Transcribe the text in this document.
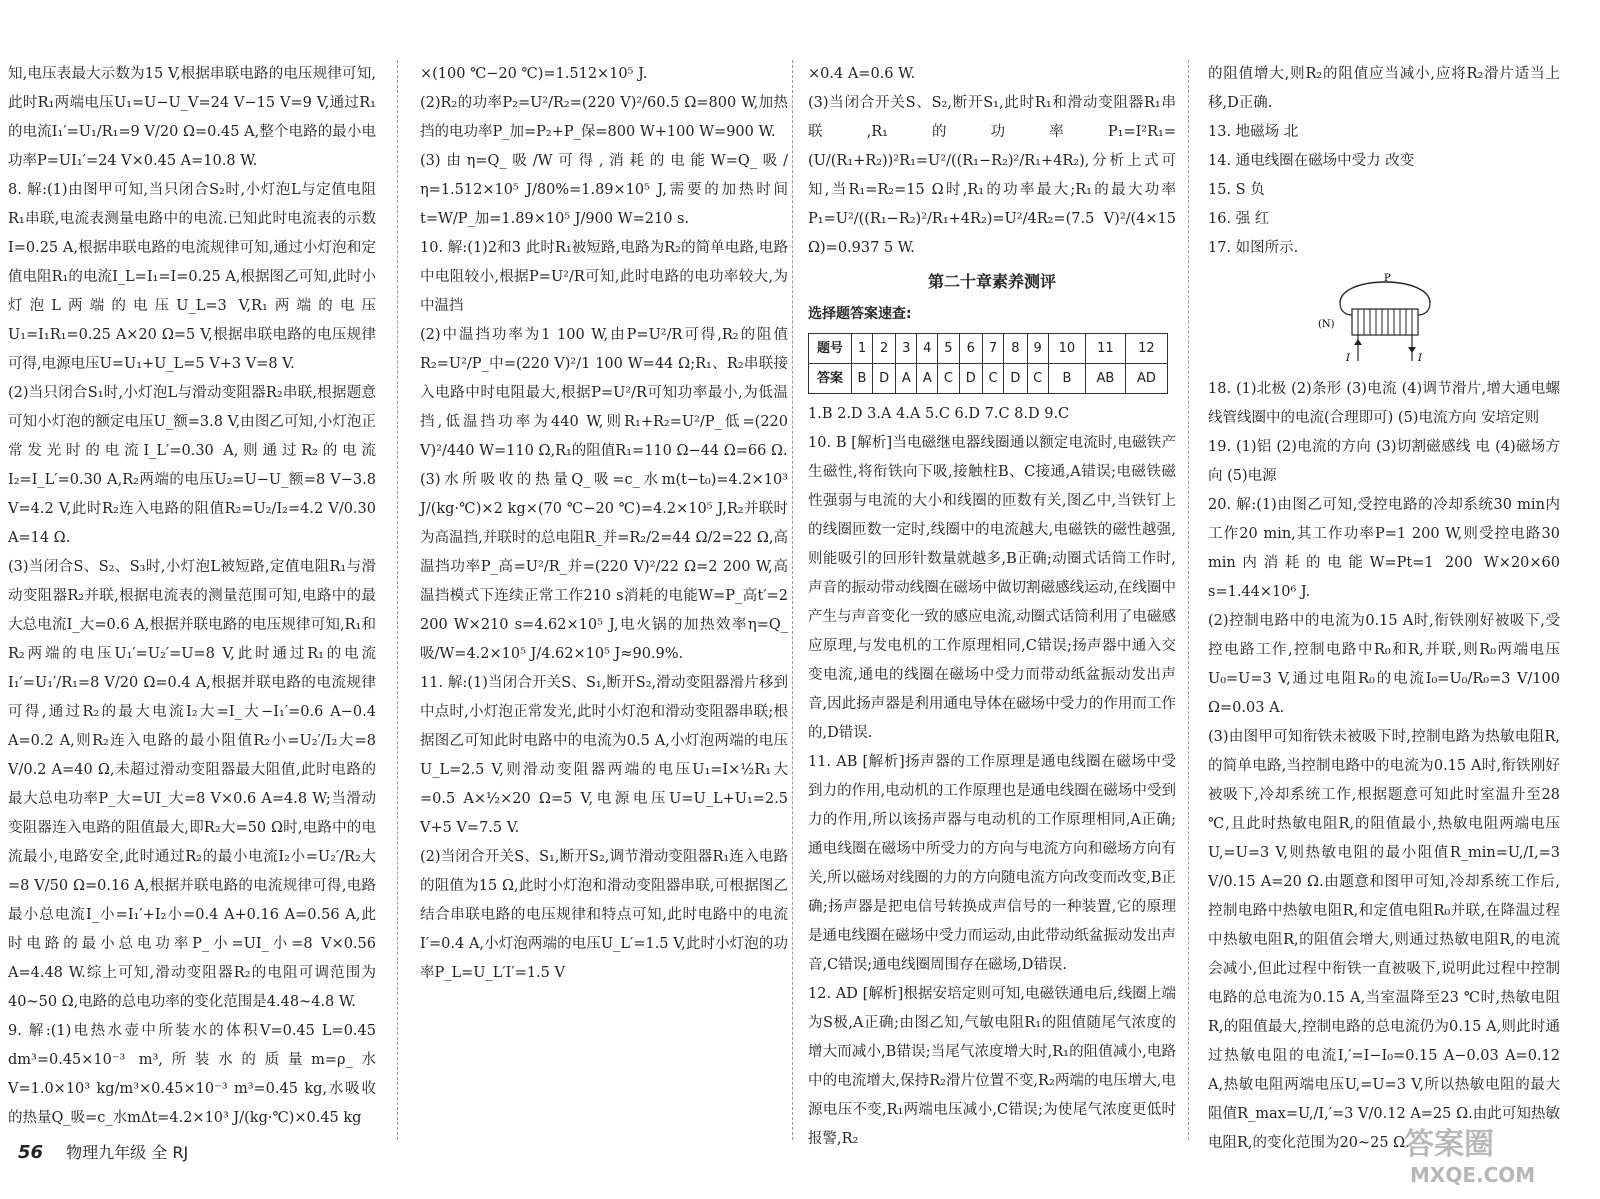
知,电压表最大示数为15 V,根据串联电路的电压规律可知,此时R₁两端电压U₁=U−U_V=24 V−15 V=9 V,通过R₁的电流I₁′=U₁/R₁=9 V/20 Ω=0.45 A,整个电路的最小电功率P=UI₁′=24 V×0.45 A=10.8 W.

8. 解:(1)由图甲可知,当只闭合S₂时,小灯泡L与定值电阻R₁串联,电流表测量电路中的电流.已知此时电流表的示数I=0.25 A,根据串联电路的电流规律可知,通过小灯泡和定值电阻R₁的电流I_L=I₁=I=0.25 A,根据图乙可知,此时小灯泡L两端的电压U_L=3 V,R₁两端的电压U₁=I₁R₁=0.25 A×20 Ω=5 V,根据串联电路的电压规律可得,电源电压U=U₁+U_L=5 V+3 V=8 V.

(2)当只闭合S₁时,小灯泡L与滑动变阻器R₂串联,根据题意可知小灯泡的额定电压U_额=3.8 V,由图乙可知,小灯泡正常发光时的电流I_L′=0.30 A,则通过R₂的电流I₂=I_L′=0.30 A,R₂两端的电压U₂=U−U_额=8 V−3.8 V=4.2 V,此时R₂连入电路的阻值R₂=U₂/I₂=4.2 V/0.30 A=14 Ω.

(3)当闭合S、S₂、S₃时,小灯泡L被短路,定值电阻R₁与滑动变阻器R₂并联,根据电流表的测量范围可知,电路中的最大总电流I_大=0.6 A,根据并联电路的电压规律可知,R₁和R₂两端的电压U₁′=U₂′=U=8 V,此时通过R₁的电流I₁′=U₁′/R₁=8 V/20 Ω=0.4 A,根据并联电路的电流规律可得,通过R₂的最大电流I₂大=I_大−I₁′=0.6 A−0.4 A=0.2 A,则R₂连入电路的最小阻值R₂小=U₂′/I₂大=8 V/0.2 A=40 Ω,未超过滑动变阻器最大阻值,此时电路的最大总电功率P_大=UI_大=8 V×0.6 A=4.8 W;当滑动变阻器连入电路的阻值最大,即R₂大=50 Ω时,电路中的电流最小,电路安全,此时通过R₂的最小电流I₂小=U₂′/R₂大=8 V/50 Ω=0.16 A,根据并联电路的电流规律可得,电路最小总电流I_小=I₁′+I₂小=0.4 A+0.16 A=0.56 A,此时电路的最小总电功率P_小=UI_小=8 V×0.56 A=4.48 W.综上可知,滑动变阻器R₂的电阻可调范围为40~50 Ω,电路的总电功率的变化范围是4.48~4.8 W.

9. 解:(1)电热水壶中所装水的体积V=0.45 L=0.45 dm³=0.45×10⁻³ m³,所装水的质量m=ρ_水V=1.0×10³ kg/m³×0.45×10⁻³ m³=0.45 kg,水吸收的热量Q_吸=c_水mΔt=4.2×10³ J/(kg·℃)×0.45 kg

×(100 ℃−20 ℃)=1.512×10⁵ J.

(2)R₂的功率P₂=U²/R₂=(220 V)²/60.5 Ω=800 W,加热挡的电功率P_加=P₂+P_保=800 W+100 W=900 W.

(3)由η=Q_吸/W可得,消耗的电能W=Q_吸/η=1.512×10⁵ J/80%=1.89×10⁵ J,需要的加热时间t=W/P_加=1.89×10⁵ J/900 W=210 s.

10. 解:(1)2和3 此时R₁被短路,电路为R₂的简单电路,电路中电阻较小,根据P=U²/R可知,此时电路的电功率较大,为中温挡

(2)中温挡功率为1 100 W,由P=U²/R可得,R₂的阻值R₂=U²/P_中=(220 V)²/1 100 W=44 Ω;R₁、R₂串联接入电路中时电阻最大,根据P=U²/R可知功率最小,为低温挡,低温挡功率为440 W,则R₁+R₂=U²/P_低=(220 V)²/440 W=110 Ω,R₁的阻值R₁=110 Ω−44 Ω=66 Ω.

(3)水所吸收的热量Q_吸=c_水m(t−t₀)=4.2×10³ J/(kg·℃)×2 kg×(70 ℃−20 ℃)=4.2×10⁵ J,R₂并联时为高温挡,并联时的总电阻R_并=R₂/2=44 Ω/2=22 Ω,高温挡功率P_高=U²/R_并=(220 V)²/22 Ω=2 200 W,高温挡模式下连续正常工作210 s消耗的电能W=P_高t′=2 200 W×210 s=4.62×10⁵ J,电火锅的加热效率η=Q_吸/W=4.2×10⁵ J/4.62×10⁵ J≈90.9%.

11. 解:(1)当闭合开关S、S₁,断开S₂,滑动变阻器滑片移到中点时,小灯泡正常发光,此时小灯泡和滑动变阻器串联;根据图乙可知此时电路中的电流为0.5 A,小灯泡两端的电压U_L=2.5 V,则滑动变阻器两端的电压U₁=I×½R₁大=0.5 A×½×20 Ω=5 V,电源电压U=U_L+U₁=2.5 V+5 V=7.5 V.

(2)当闭合开关S、S₁,断开S₂,调节滑动变阻器R₁连入电路的阻值为15 Ω,此时小灯泡和滑动变阻器串联,可根据图乙结合串联电路的电压规律和特点可知,此时电路中的电流I′=0.4 A,小灯泡两端的电压U_L′=1.5 V,此时小灯泡的功率P_L=U_L′I′=1.5 V

×0.4 A=0.6 W.

(3)当闭合开关S、S₂,断开S₁,此时R₁和滑动变阻器R₁串联,R₁的功率P₁=I²R₁=(U/(R₁+R₂))²R₁=U²/((R₁−R₂)²/R₁+4R₂),分析上式可知,当R₁=R₂=15 Ω时,R₁的功率最大;R₁的最大功率P₁=U²/((R₁−R₂)²/R₁+4R₂)=U²/4R₂=(7.5 V)²/(4×15 Ω)=0.937 5 W.

第二十章素养测评
选择题答案速查:
题号	1	2	3	4	5	6	7	8	9	10	11	12
答案	B	D	A	A	C	D	C	D	C	B	AB	AD

1.B 2.D 3.A 4.A 5.C 6.D 7.C 8.D 9.C

10. B [解析]当电磁继电器线圈通以额定电流时,电磁铁产生磁性,将衔铁向下吸,接触柱B、C接通,A错误;电磁铁磁性强弱与电流的大小和线圈的匝数有关,图乙中,当铁钉上的线圈匝数一定时,线圈中的电流越大,电磁铁的磁性越强,则能吸引的回形针数量就越多,B正确;动圈式话筒工作时,声音的振动带动线圈在磁场中做切割磁感线运动,在线圈中产生与声音变化一致的感应电流,动圈式话筒利用了电磁感应原理,与发电机的工作原理相同,C错误;扬声器中通入交变电流,通电的线圈在磁场中受力而带动纸盆振动发出声音,因此扬声器是利用通电导体在磁场中受力的作用而工作的,D错误.

11. AB [解析]扬声器的工作原理是通电线圈在磁场中受到力的作用,电动机的工作原理也是通电线圈在磁场中受到力的作用,所以该扬声器与电动机的工作原理相同,A正确;通电线圈在磁场中所受力的方向与电流方向和磁场方向有关,所以磁场对线圈的力的方向随电流方向改变而改变,B正确;扬声器是把电信号转换成声信号的一种装置,它的原理是通电线圈在磁场中受力而运动,由此带动纸盆振动发出声音,C错误;通电线圈周围存在磁场,D错误.

12. AD [解析]根据安培定则可知,电磁铁通电后,线圈上端为S极,A正确;由图乙知,气敏电阻R₁的阻值随尾气浓度的增大而减小,B错误;当尾气浓度增大时,R₁的阻值减小,电路中的电流增大,保持R₂滑片位置不变,R₂两端的电压增大,电源电压不变,R₁两端电压减小,C错误;为使尾气浓度更低时报警,R₂

的阻值增大,则R₂的阻值应当减小,应将R₂滑片适当上移,D正确.

13. 地磁场 北

14. 通电线圈在磁场中受力 改变

15. S 负

16. 强 红

17. 如图所示.

P
(N)
I	I

18. (1)北极 (2)条形 (3)电流 (4)调节滑片,增大通电螺线管线圈中的电流(合理即可) (5)电流方向 安培定则

19. (1)铝 (2)电流的方向 (3)切割磁感线 电 (4)磁场方向 (5)电源

20. 解:(1)由图乙可知,受控电路的冷却系统30 min内工作20 min,其工作功率P=1 200 W,则受控电路30 min内消耗的电能W=Pt=1 200 W×20×60 s=1.44×10⁶ J.

(2)控制电路中的电流为0.15 A时,衔铁刚好被吸下,受控电路工作,控制电路中R₀和R,并联,则R₀两端电压U₀=U=3 V,通过电阻R₀的电流I₀=U₀/R₀=3 V/100 Ω=0.03 A.

(3)由图甲可知衔铁未被吸下时,控制电路为热敏电阻R,的简单电路,当控制电路中的电流为0.15 A时,衔铁刚好被吸下,冷却系统工作,根据题意可知此时室温升至28 ℃,且此时热敏电阻R,的阻值最小,热敏电阻两端电压U,=U=3 V,则热敏电阻的最小阻值R_min=U,/I,=3 V/0.15 A=20 Ω.由题意和图甲可知,冷却系统工作后,控制电路中热敏电阻R,和定值电阻R₀并联,在降温过程中热敏电阻R,的阻值会增大,则通过热敏电阻R,的电流会减小,但此过程中衔铁一直被吸下,说明此过程中控制电路的总电流为0.15 A,当室温降至23 ℃时,热敏电阻R,的阻值最大,控制电路的总电流仍为0.15 A,则此时通过热敏电阻的电流I,′=I−I₀=0.15 A−0.03 A=0.12 A,热敏电阻两端电压U,=U=3 V,所以热敏电阻的最大阻值R_max=U,/I,′=3 V/0.12 A=25 Ω.由此可知热敏电阻R,的变化范围为20~25 Ω.

56 物理九年级 全 RJ	答案圈
MXQE.COM
